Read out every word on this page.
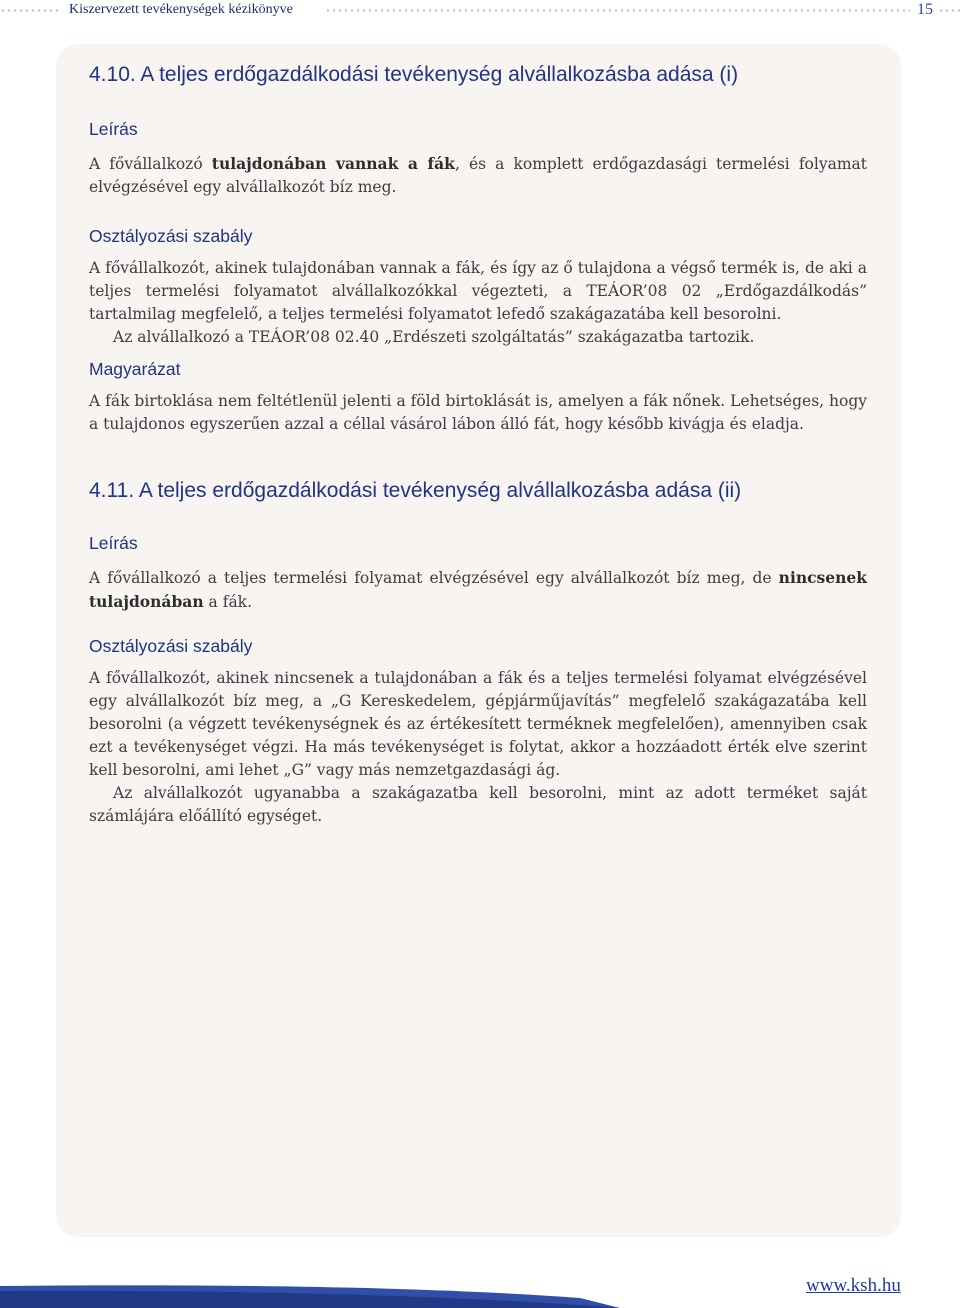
Kiszervezett tevékenységek kézikönyve	15
4.10. A teljes erdőgazdálkodási tevékenység alvállalkozásba adása (i)
Leírás

A fővállalkozó tulajdonában vannak a fák, és a komplett erdőgazdasági termelési folyamat elvégzésével egy alvállalkozót bíz meg.

Osztályozási szabály

A fővállalkozót, akinek tulajdonában vannak a fák, és így az ő tulajdona a végső termék is, de aki a teljes termelési folyamatot alvállalkozókkal végezteti, a TEÁOR’08 02 „Erdőgazdálkodás” tartalmilag megfelelő, a teljes termelési folyamatot lefedő szakágazatába kell besorolni.

Az alvállalkozó a TEÁOR’08 02.40 „Erdészeti szolgáltatás” szakágazatba tartozik.

Magyarázat

A fák birtoklása nem feltétlenül jelenti a föld birtoklását is, amelyen a fák nőnek. Lehetséges, hogy a tulajdonos egyszerűen azzal a céllal vásárol lábon álló fát, hogy később kivágja és eladja.

4.11. A teljes erdőgazdálkodási tevékenység alvállalkozásba adása (ii)
Leírás

A fővállalkozó a teljes termelési folyamat elvégzésével egy alvállalkozót bíz meg, de nincsenek tulajdonában a fák.

Osztályozási szabály

A fővállalkozót, akinek nincsenek a tulajdonában a fák és a teljes termelési folyamat elvégzésével egy alvállalkozót bíz meg, a „G Kereskedelem, gépjárműjavítás” megfelelő szakágazatába kell besorolni (a végzett tevékenységnek és az értékesített terméknek megfelelően), amennyiben csak ezt a tevékenységet végzi. Ha más tevékenységet is folytat, akkor a hozzáadott érték elve szerint kell besorolni, ami lehet „G” vagy más nemzetgazdasági ág.

Az alvállalkozót ugyanabba a szakágazatba kell besorolni, mint az adott terméket saját számlájára előállító egységet.

www.ksh.hu
